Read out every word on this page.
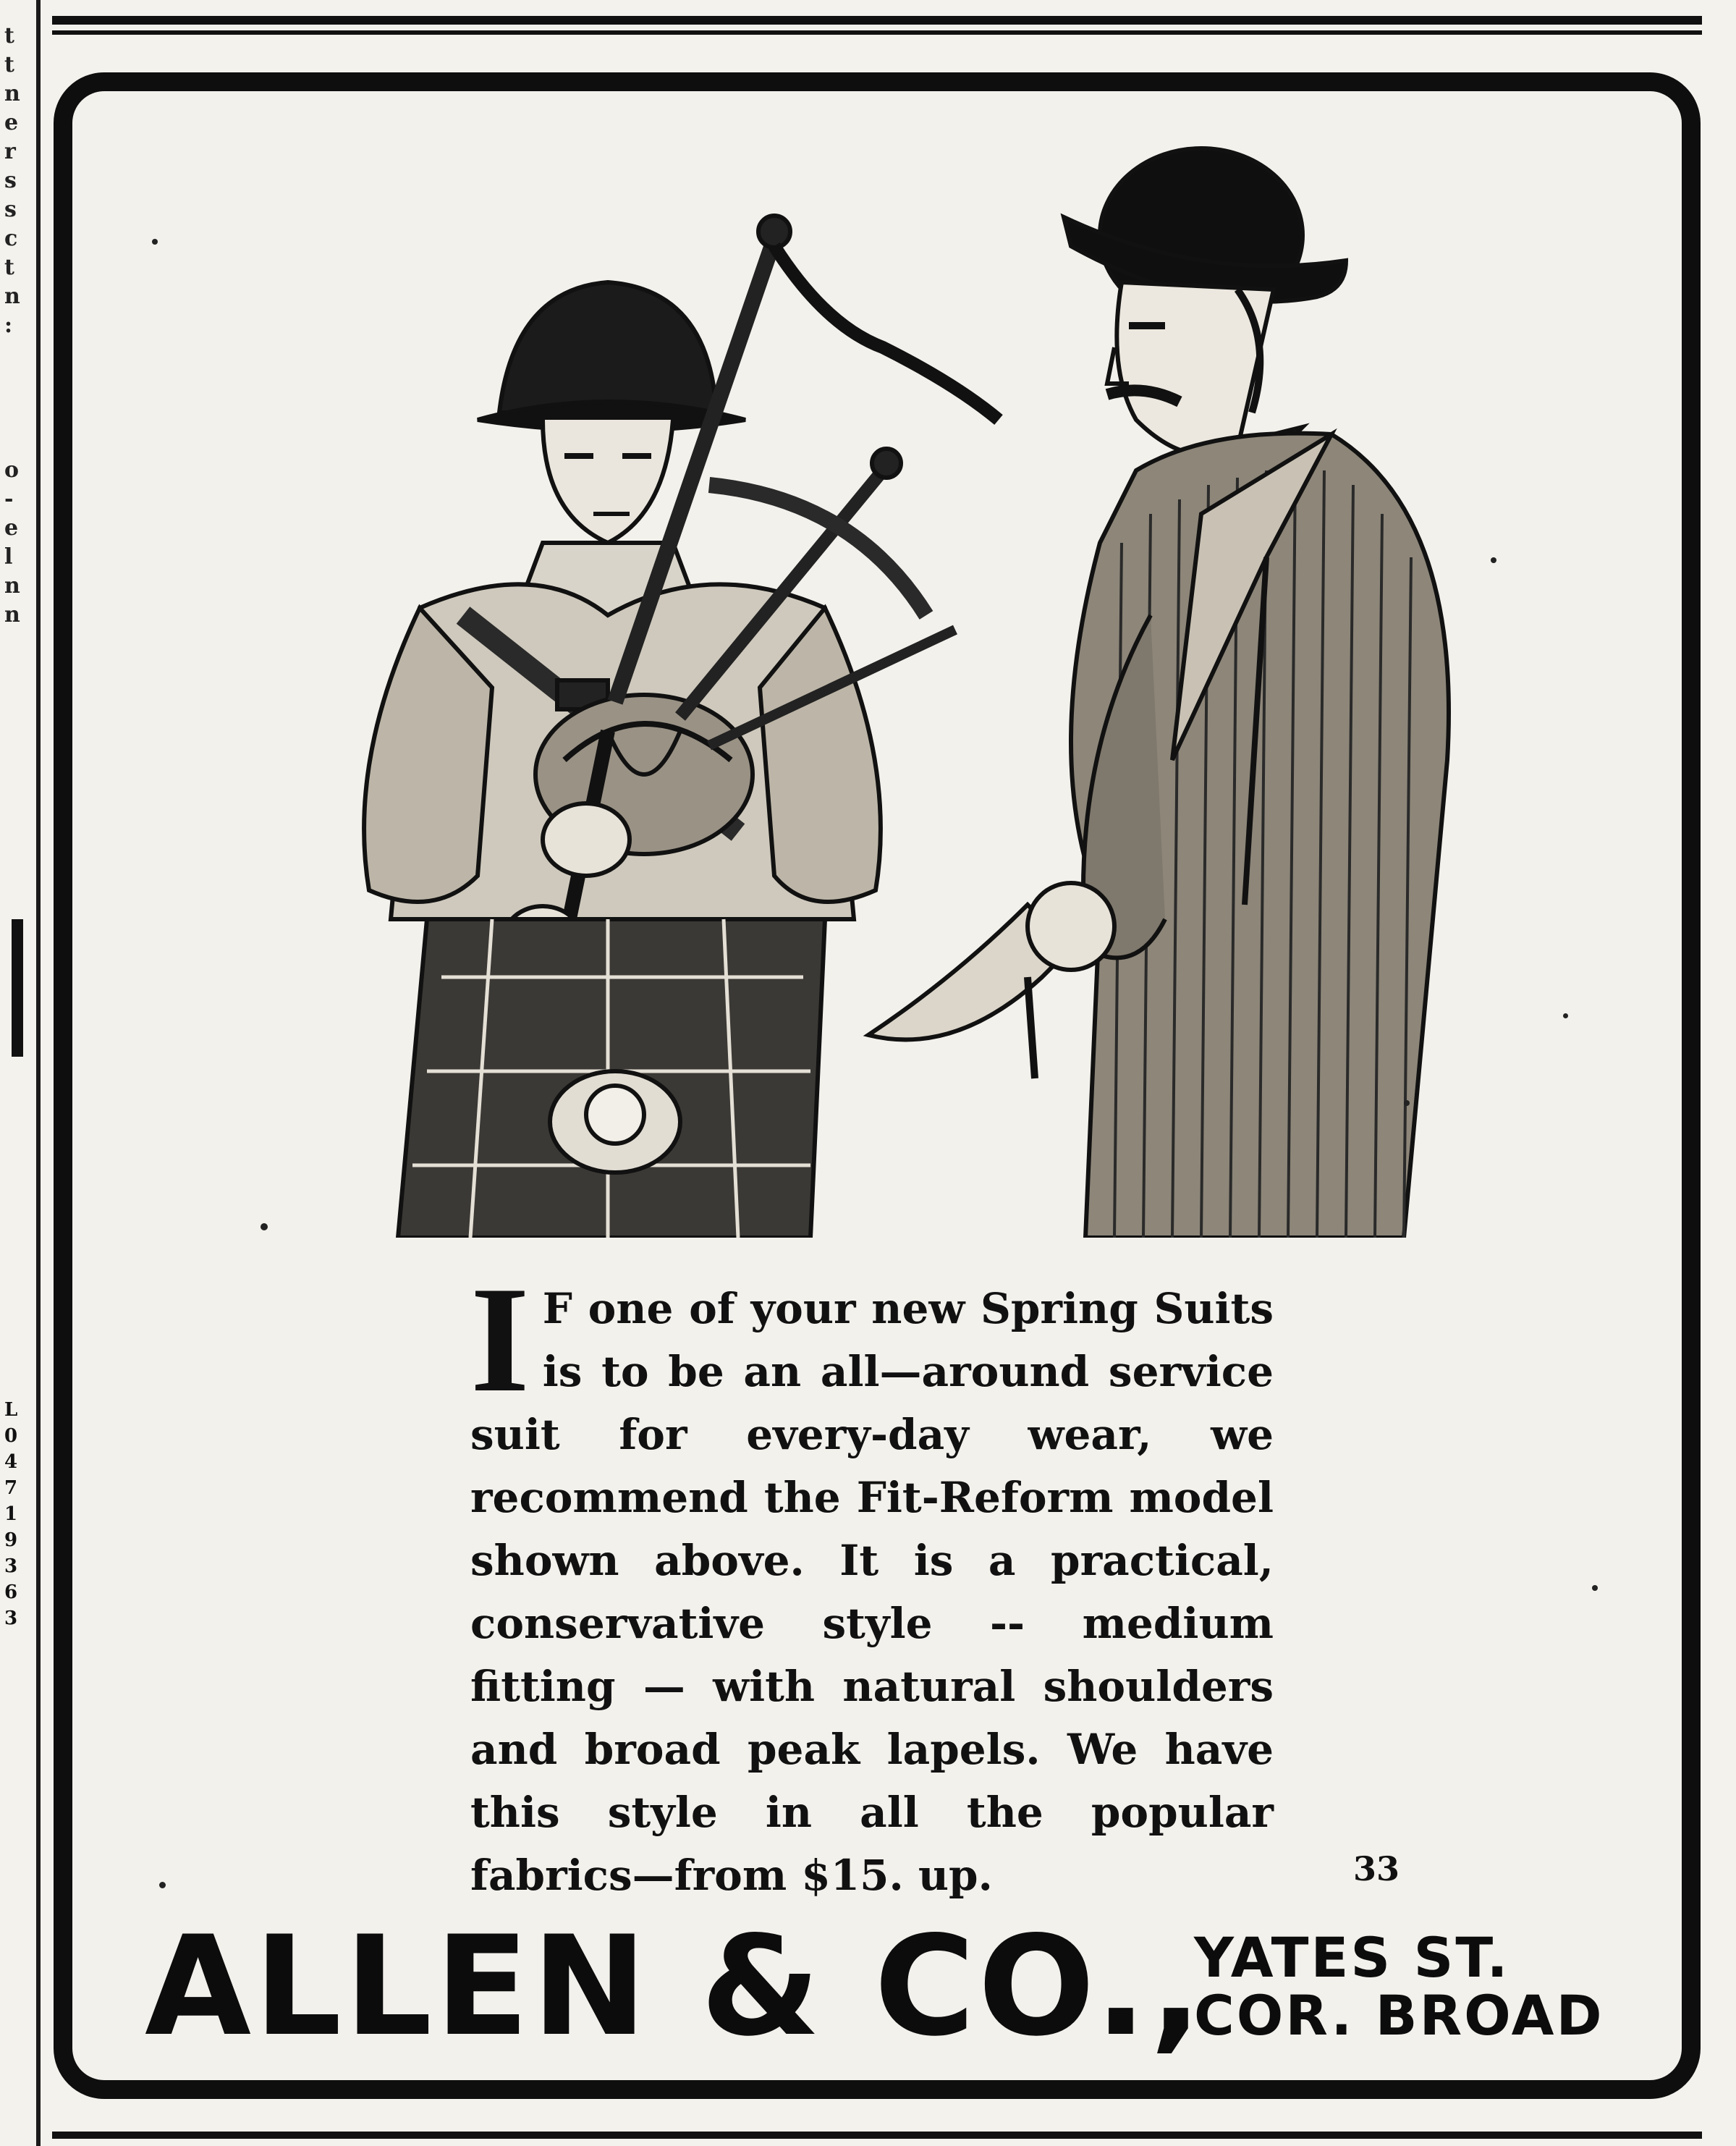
t
t
n
e
r
s
s
c
t
n
:
o
-
e
l
n
n
L
0
4
7
1
9
3
6
3
I F one of your new Spring Suits is to be an all—around service suit for every-day wear, we recommend the Fit-Reform model shown above. It is a practical, conservative style -- medium fitting — with natural shoulders and broad peak lapels. We have this style in all the popular fabrics—from $15. up.	33
ALLEN & CO.,
YATES ST.
COR. BROAD
